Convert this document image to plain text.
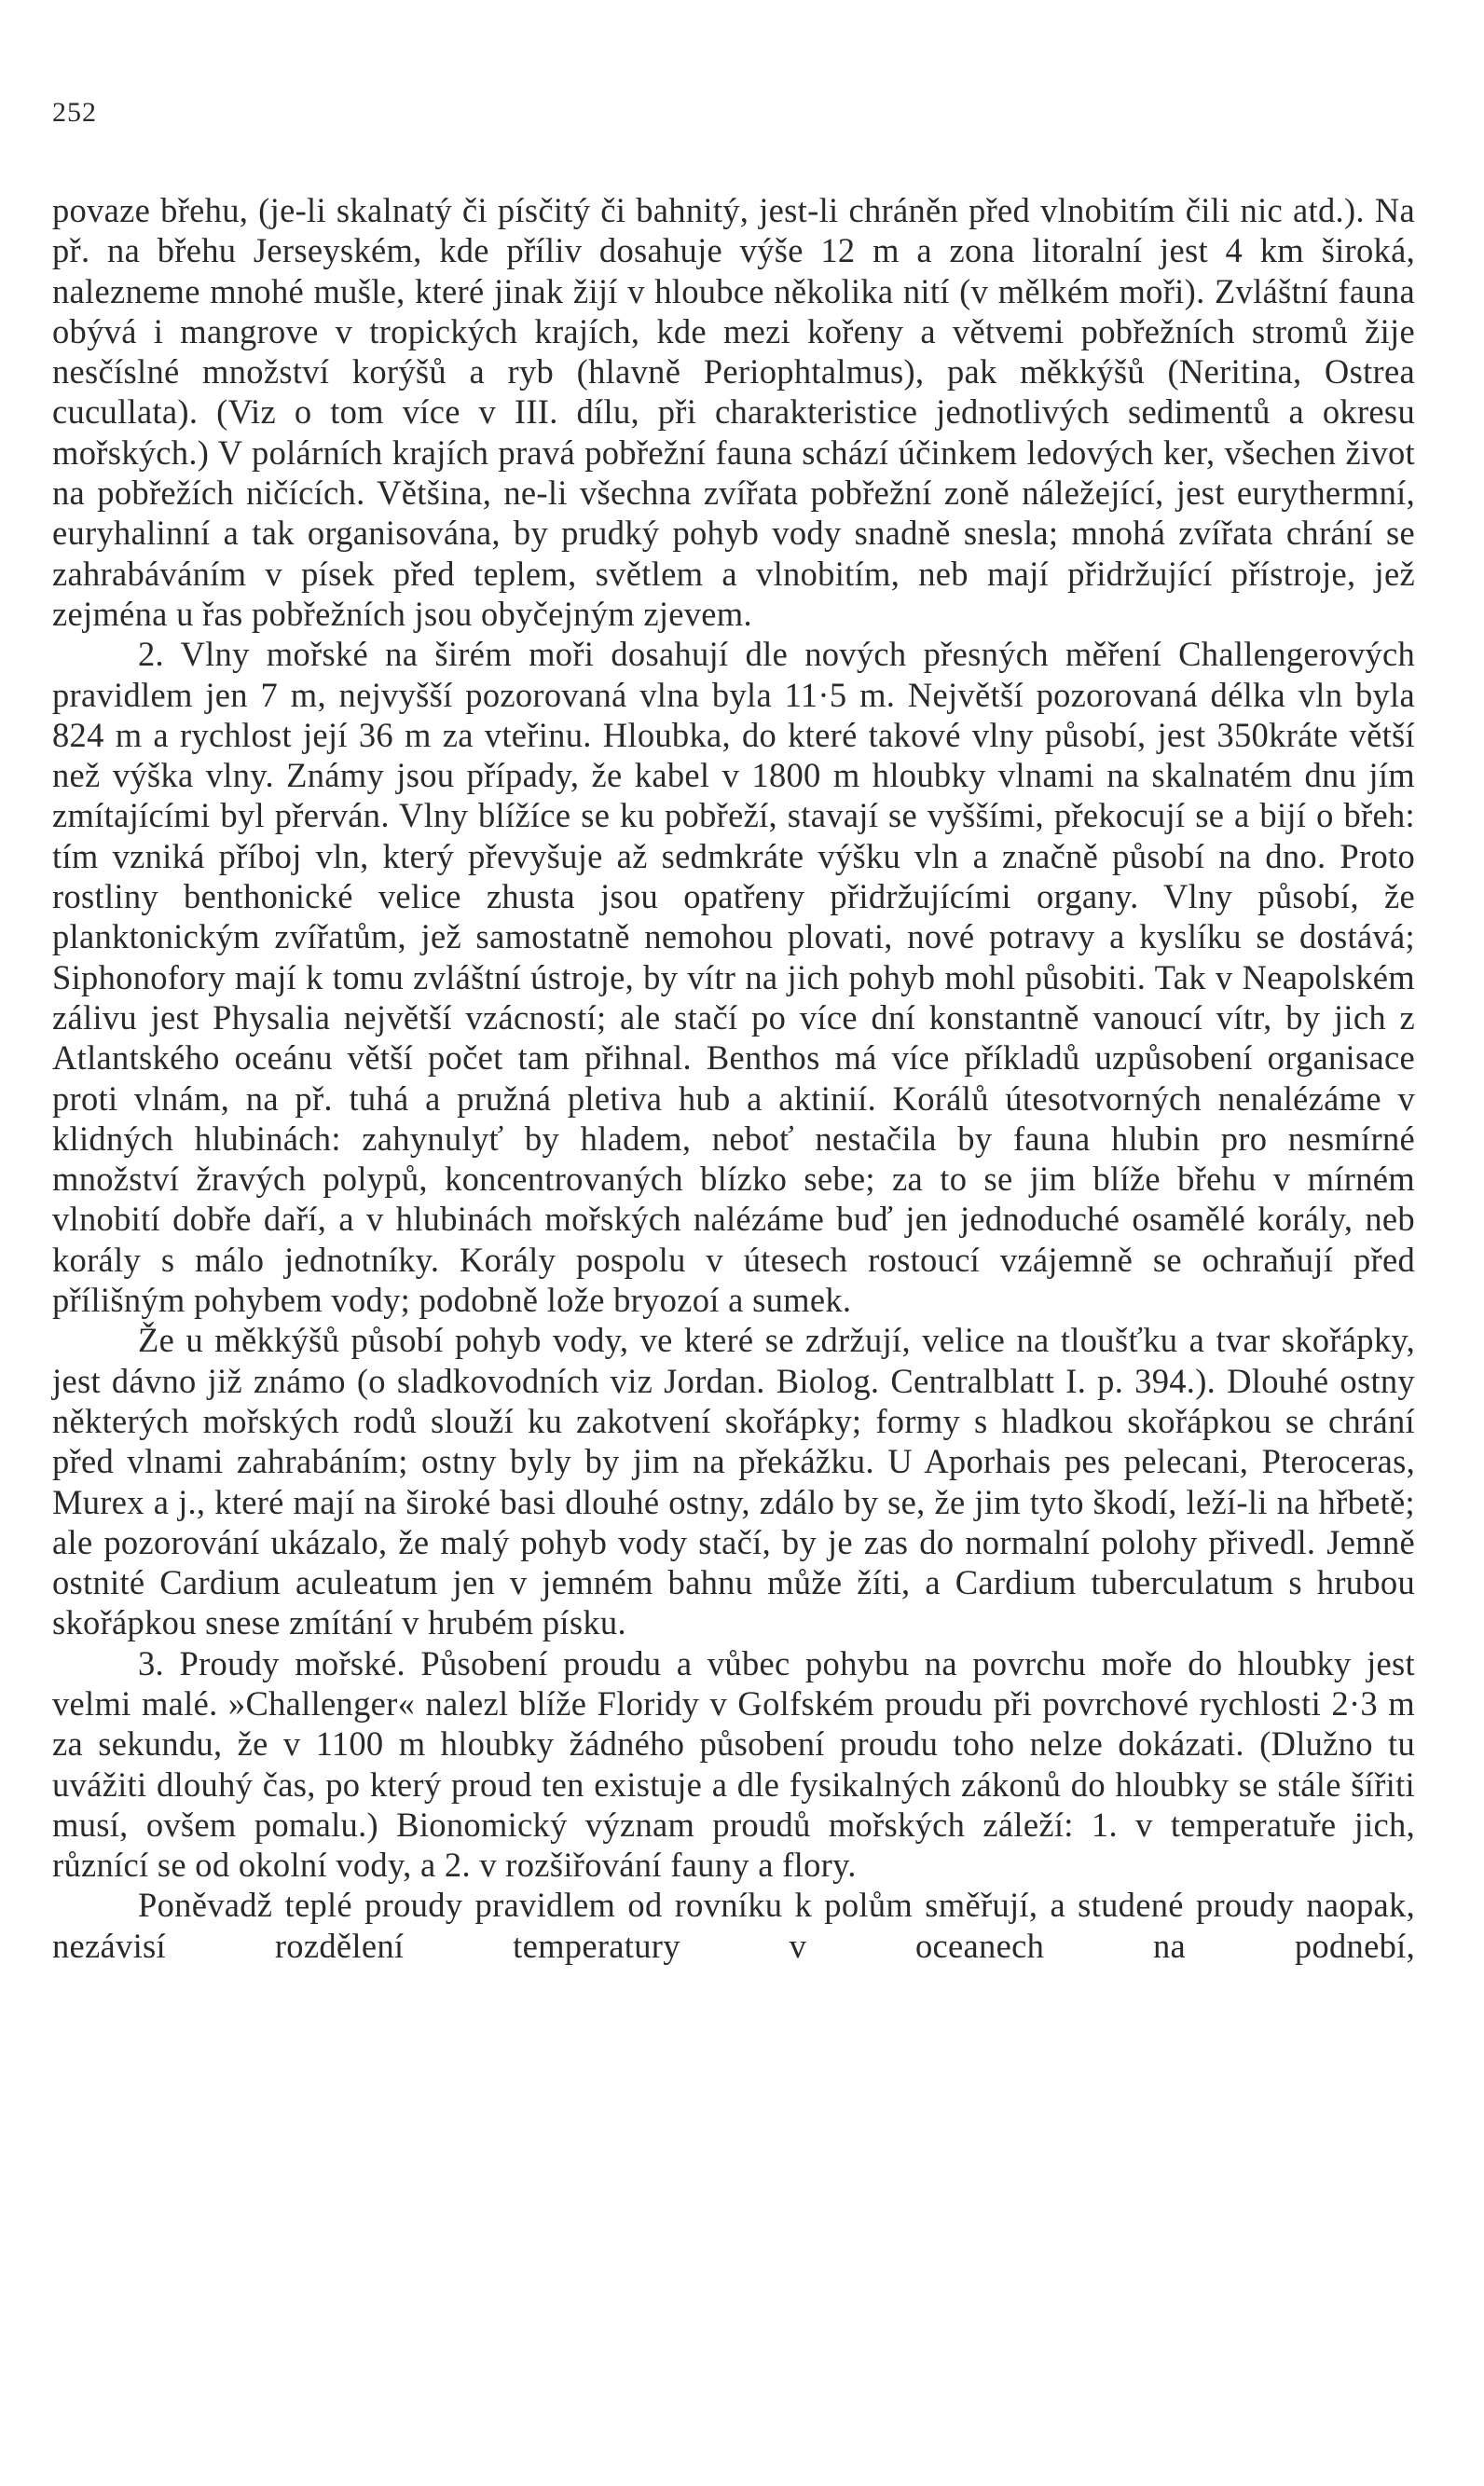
252

povaze břehu, (je-li skalnatý či písčitý či bahnitý, jest-li chráněn před vlnobitím čili nic atd.). Na př. na břehu Jerseyském, kde příliv dosahuje výše 12 m a zona litoralní jest 4 km široká, nalezneme mnohé mušle, které jinak žijí v hloubce několika nití (v mělkém moři). Zvláštní fauna obývá i mangrove v tropických krajích, kde mezi kořeny a větvemi pobřežních stromů žije nesčíslné množství korýšů a ryb (hlavně Periophtalmus), pak měkkýšů (Neritina, Ostrea cucullata). (Viz o tom více v III. dílu, při charakteristice jednotlivých sedimentů a okresu mořských.) V polárních krajích pravá pobřežní fauna schází účinkem ledových ker, všechen život na pobřežích ničících. Většina, ne-li všechna zvířata pobřežní zoně náležející, jest eurythermní, euryhalinní a tak organisována, by prudký pohyb vody snadně snesla; mnohá zvířata chrání se zahrabáváním v písek před teplem, světlem a vlnobitím, neb mají přidržující přístroje, jež zejména u řas pobřežních jsou obyčejným zjevem.

2. Vlny mořské na širém moři dosahují dle nových přesných měření Challengerových pravidlem jen 7 m, nejvyšší pozorovaná vlna byla 11·5 m. Největší pozorovaná délka vln byla 824 m a rychlost její 36 m za vteřinu. Hloubka, do které takové vlny působí, jest 350kráte větší než výška vlny. Známy jsou případy, že kabel v 1800 m hloubky vlnami na skalnatém dnu jím zmítajícími byl přerván. Vlny blížíce se ku pobřeží, stavají se vyššími, překocují se a bijí o břeh: tím vzniká příboj vln, který převyšuje až sedmkráte výšku vln a značně působí na dno. Proto rostliny benthonické velice zhusta jsou opatřeny přidržujícími organy. Vlny působí, že planktonickým zvířatům, jež samostatně nemohou plovati, nové potravy a kyslíku se dostává; Siphonofory mají k tomu zvláštní ústroje, by vítr na jich pohyb mohl působiti. Tak v Neapolském zálivu jest Physalia největší vzácností; ale stačí po více dní konstantně vanoucí vítr, by jich z Atlantského oceánu větší počet tam přihnal. Benthos má více příkladů uzpůsobení organisace proti vlnám, na př. tuhá a pružná pletiva hub a aktinií. Korálů útesotvorných nenalézáme v klidných hlubinách: zahynulyť by hladem, neboť nestačila by fauna hlubin pro nesmírné množství žravých polypů, koncentrovaných blízko sebe; za to se jim blíže břehu v mírném vlnobití dobře daří, a v hlubinách mořských nalézáme buď jen jednoduché osamělé korály, neb korály s málo jednotníky. Korály pospolu v útesech rostoucí vzájemně se ochraňují před přílišným pohybem vody; podobně lože bryozoí a sumek.

Že u měkkýšů působí pohyb vody, ve které se zdržují, velice na tloušťku a tvar skořápky, jest dávno již známo (o sladkovodních viz Jordan. Biolog. Centralblatt I. p. 394.). Dlouhé ostny některých mořských rodů slouží ku zakotvení skořápky; formy s hladkou skořápkou se chrání před vlnami zahrabáním; ostny byly by jim na překážku. U Aporhais pes pelecani, Pteroceras, Murex a j., které mají na široké basi dlouhé ostny, zdálo by se, že jim tyto škodí, leží-li na hřbetě; ale pozorování ukázalo, že malý pohyb vody stačí, by je zas do normalní polohy přivedl. Jemně ostnité Cardium aculeatum jen v jemném bahnu může žíti, a Cardium tuberculatum s hrubou skořápkou snese zmítání v hrubém písku.

3. Proudy mořské. Působení proudu a vůbec pohybu na povrchu moře do hloubky jest velmi malé. »Challenger« nalezl blíže Floridy v Golfském proudu při povrchové rychlosti 2·3 m za sekundu, že v 1100 m hloubky žádného působení proudu toho nelze dokázati. (Dlužno tu uvážiti dlouhý čas, po který proud ten existuje a dle fysikalných zákonů do hloubky se stále šířiti musí, ovšem pomalu.) Bionomický význam proudů mořských záleží: 1. v temperatuře jich, různící se od okolní vody, a 2. v rozšiřování fauny a flory.

Poněvadž teplé proudy pravidlem od rovníku k polům směřují, a studené proudy naopak, nezávisí rozdělení temperatury v oceanech na podnebí,
